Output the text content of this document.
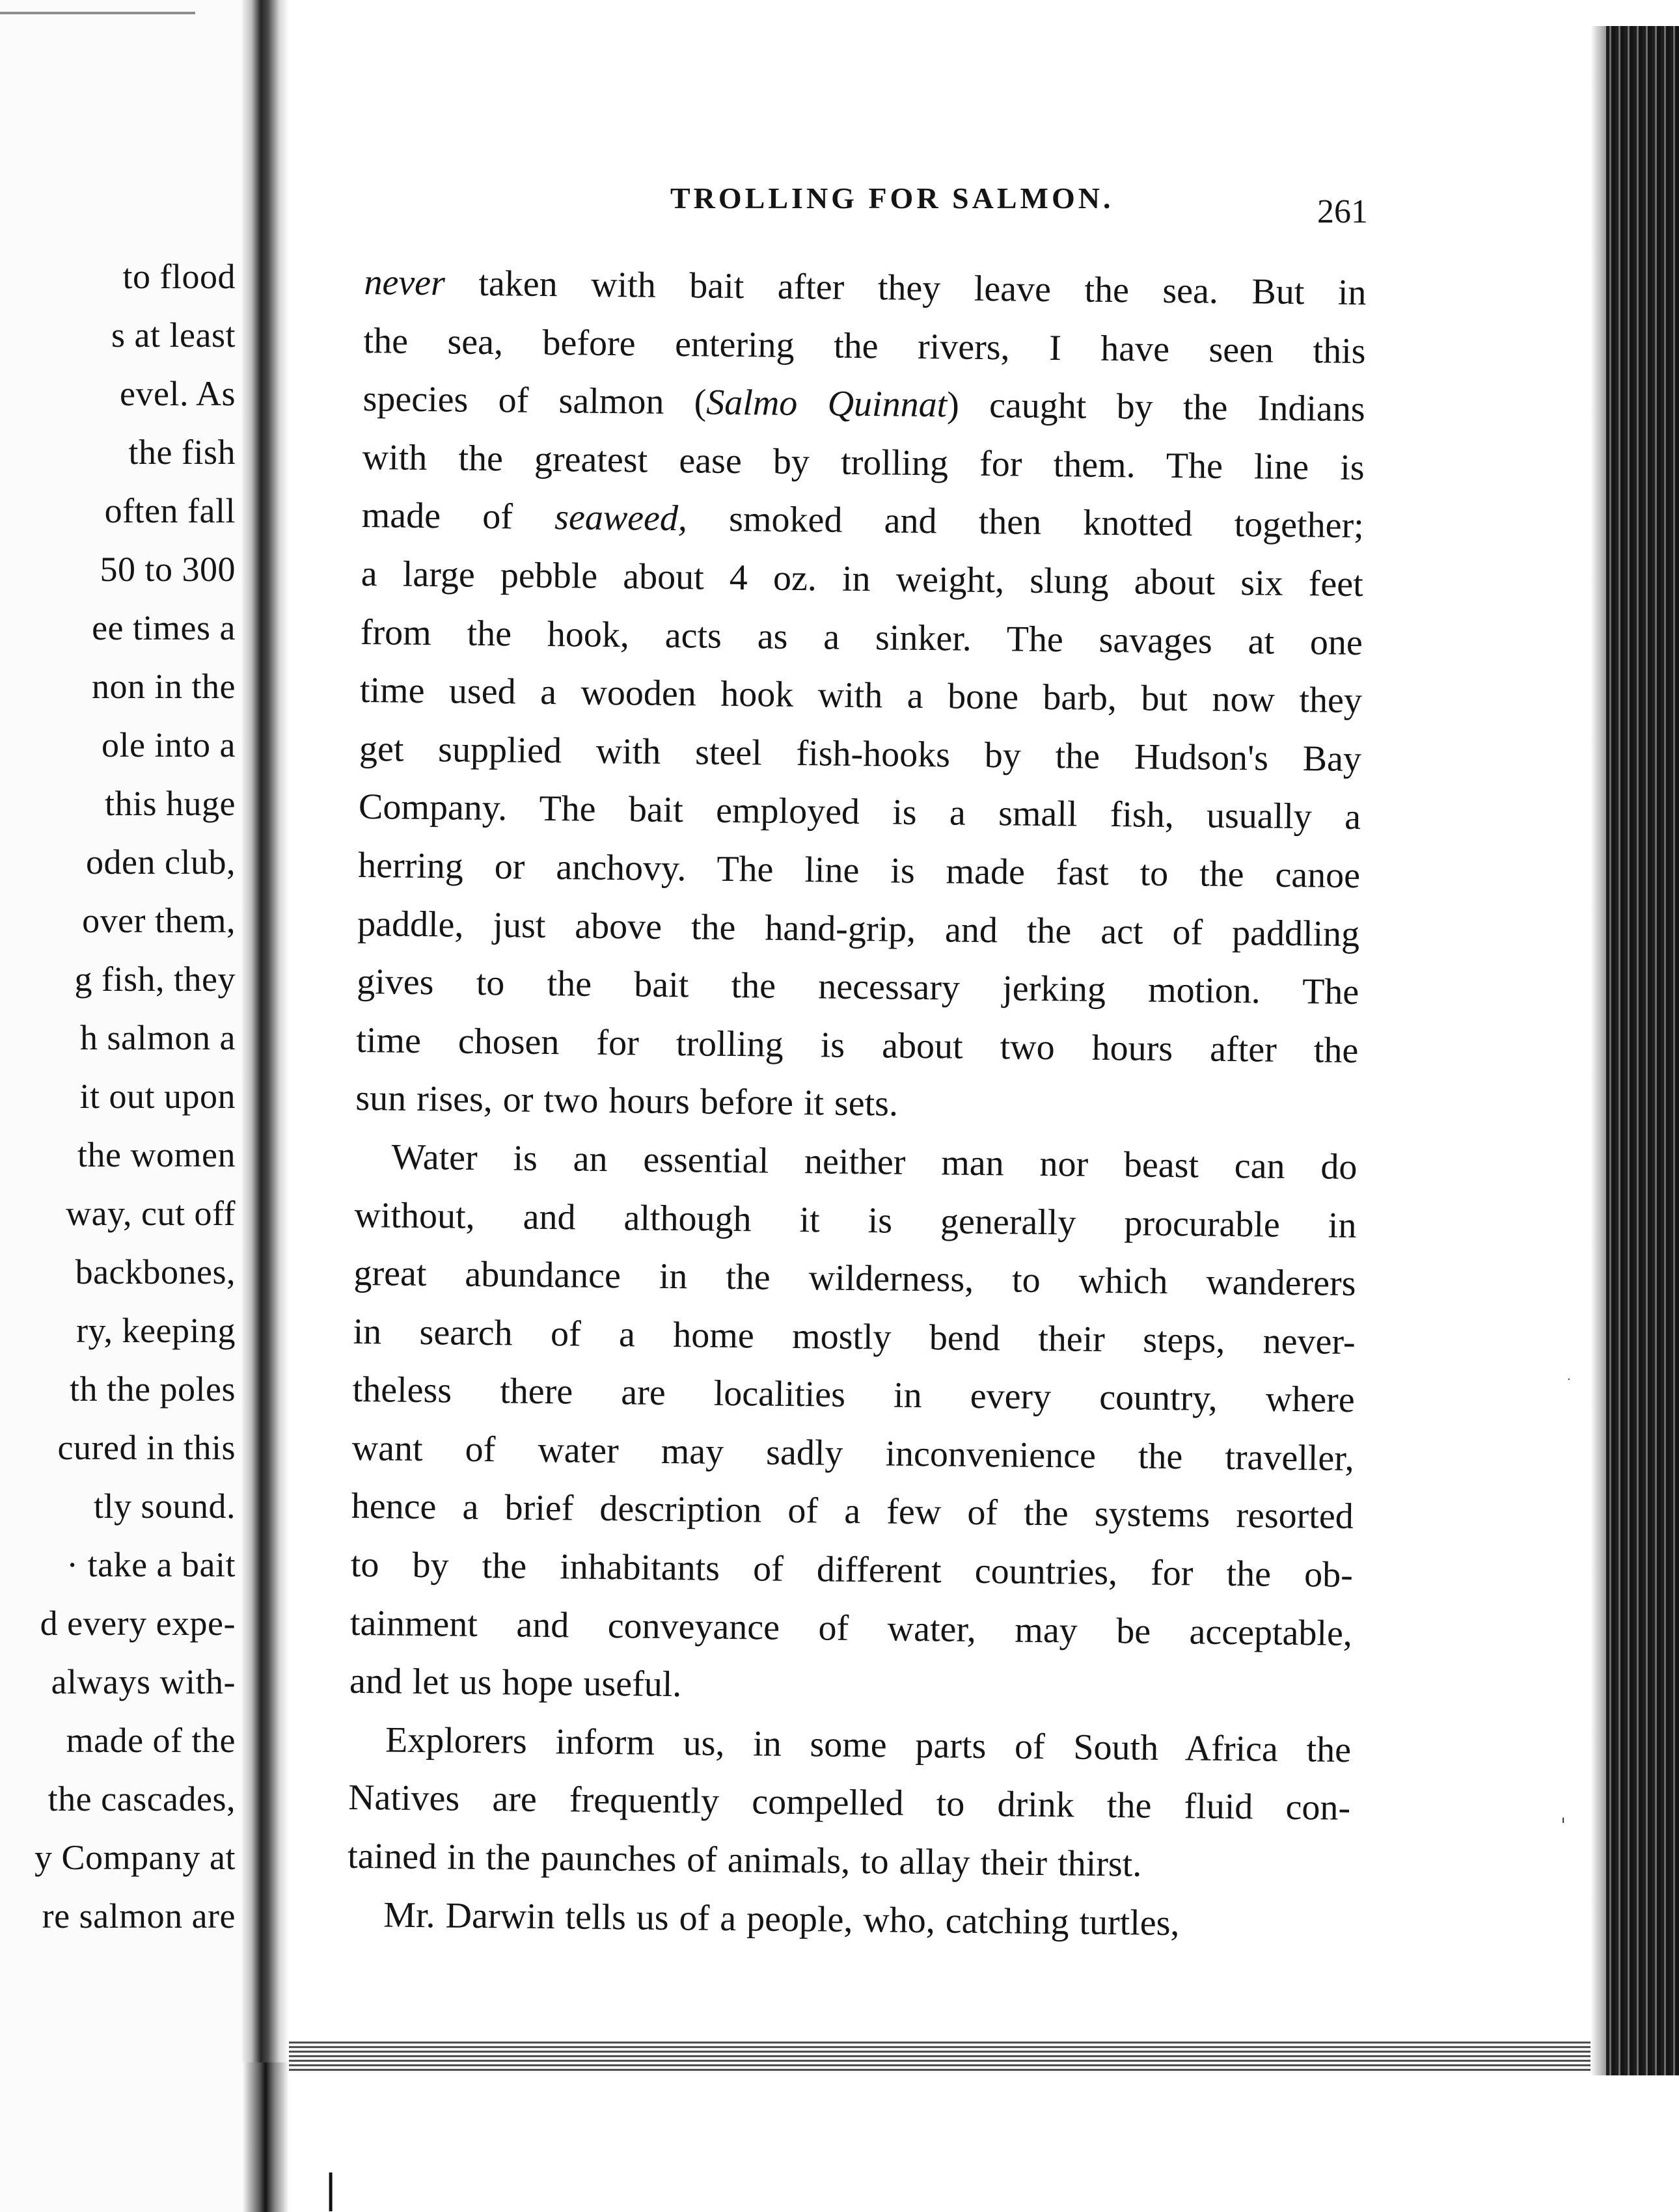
to flood
s at least
evel. As
the fish
often fall
50 to 300
ee times a
non in the
ole into a
this huge
oden club,
over them,
g fish, they
h salmon a
it out upon
the women
way, cut off
backbones,
ry, keeping
th the poles
cured in this
tly sound.
· take a bait
d every expe-
always with-
made of the
the cascades,
y Company at
re salmon are
TROLLING FOR SALMON.	261
never taken with bait after they leave the sea. But in
the sea, before entering the rivers, I have seen this
species of salmon (Salmo Quinnat) caught by the Indians
with the greatest ease by trolling for them. The line is
made of seaweed, smoked and then knotted together;
a large pebble about 4 oz. in weight, slung about six feet
from the hook, acts as a sinker. The savages at one
time used a wooden hook with a bone barb, but now they
get supplied with steel fish-hooks by the Hudson's Bay
Company. The bait employed is a small fish, usually a
herring or anchovy. The line is made fast to the canoe
paddle, just above the hand-grip, and the act of paddling
gives to the bait the necessary jerking motion. The
time chosen for trolling is about two hours after the
sun rises, or two hours before it sets.
Water is an essential neither man nor beast can do
without, and although it is generally procurable in
great abundance in the wilderness, to which wanderers
in search of a home mostly bend their steps, never-
theless there are localities in every country, where
want of water may sadly inconvenience the traveller,
hence a brief description of a few of the systems resorted
to by the inhabitants of different countries, for the ob-
tainment and conveyance of water, may be acceptable,
and let us hope useful.
Explorers inform us, in some parts of South Africa the
Natives are frequently compelled to drink the fluid con-
tained in the paunches of animals, to allay their thirst.
Mr. Darwin tells us of a people, who, catching turtles,
·
ˈ
|
